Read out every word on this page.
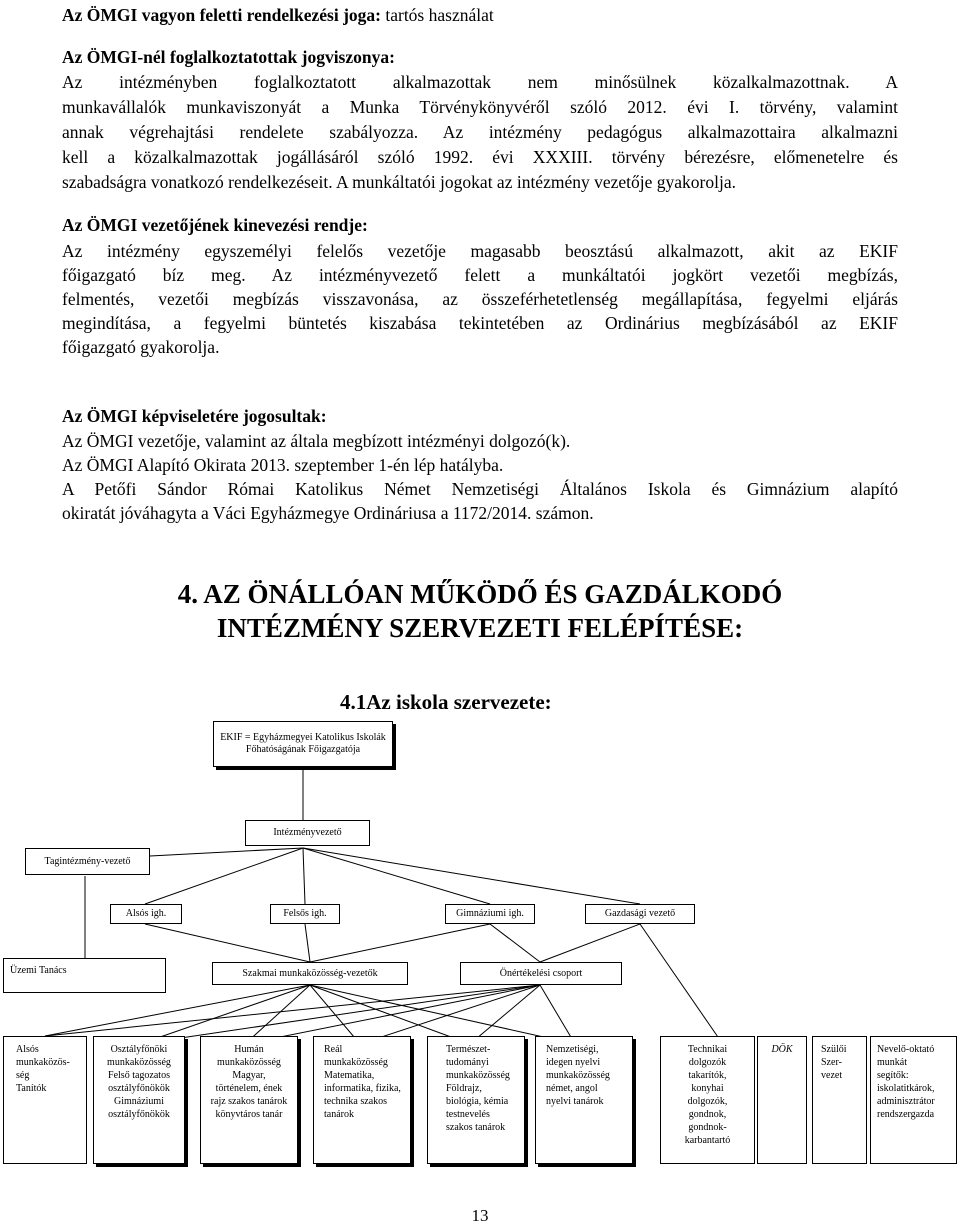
Az ÖMGI vagyon feletti rendelkezési joga: tartós használat
Az ÖMGI-nél foglalkoztatottak jogviszonya:
Az intézményben foglalkoztatott alkalmazottak nem minősülnek közalkalmazottnak. A
munkavállalók munkaviszonyát a Munka Törvénykönyvéről szóló 2012. évi I. törvény, valamint
annak végrehajtási rendelete szabályozza. Az intézmény pedagógus alkalmazottaira alkalmazni
kell a közalkalmazottak jogállásáról szóló 1992. évi XXXIII. törvény bérezésre, előmenetelre és
szabadságra vonatkozó rendelkezéseit. A munkáltatói jogokat az intézmény vezetője gyakorolja.
Az ÖMGI vezetőjének kinevezési rendje:
Az intézmény egyszemélyi felelős vezetője magasabb beosztású alkalmazott, akit az EKIF
főigazgató bíz meg. Az intézményvezető felett a munkáltatói jogkört vezetői megbízás,
felmentés, vezetői megbízás visszavonása, az összeférhetetlenség megállapítása, fegyelmi eljárás
megindítása, a fegyelmi büntetés kiszabása tekintetében az Ordinárius megbízásából az EKIF
főigazgató gyakorolja.
Az ÖMGI képviseletére jogosultak:
Az ÖMGI vezetője, valamint az általa megbízott intézményi dolgozó(k).
Az ÖMGI Alapító Okirata 2013. szeptember 1-én lép hatályba.
A Petőfi Sándor Római Katolikus Német Nemzetiségi Általános Iskola és Gimnázium alapító
okiratát jóváhagyta a Váci Egyházmegye Ordináriusa a 1172/2014. számon.
4. AZ ÖNÁLLÓAN MŰKÖDŐ ÉS GAZDÁLKODÓ
INTÉZMÉNY SZERVEZETI FELÉPÍTÉSE:
4.1Az iskola szervezete:
EKIF = Egyházmegyei Katolikus Iskolák
Főhatóságának Főigazgatója
Intézményvezető
Tagintézmény-vezető
Alsós igh.	Felsős igh.	Gimnáziumi igh.	Gazdasági vezető
Üzemi Tanács	Szakmai munkaközösség-vezetők	Önértékelési csoport
Alsós
munkaközös-
ség
Tanítók
Osztályfőnöki
munkaközösség
Felső tagozatos
osztályfőnökök
Gimnáziumi
osztályfőnökök
Humán
munkaközösség
Magyar,
történelem, ének
rajz szakos tanárok
könyvtáros tanár
Reál
munkaközösség
Matematika,
informatika, fizika,
technika szakos
tanárok
Természet-
tudományi
munkaközösség
Földrajz,
biológia, kémia
testnevelés
szakos tanárok
Nemzetiségi,
idegen nyelvi
munkaközösség
német, angol
nyelvi tanárok
Technikai
dolgozók
takarítók,
konyhai
dolgozók,
gondnok,
gondnok-
karbantartó
DÖK	Szülői
Szer-
vezet
Nevelő-oktató
munkát
segítők:
iskolatitkárok,
adminisztrátor
rendszergazda
13
